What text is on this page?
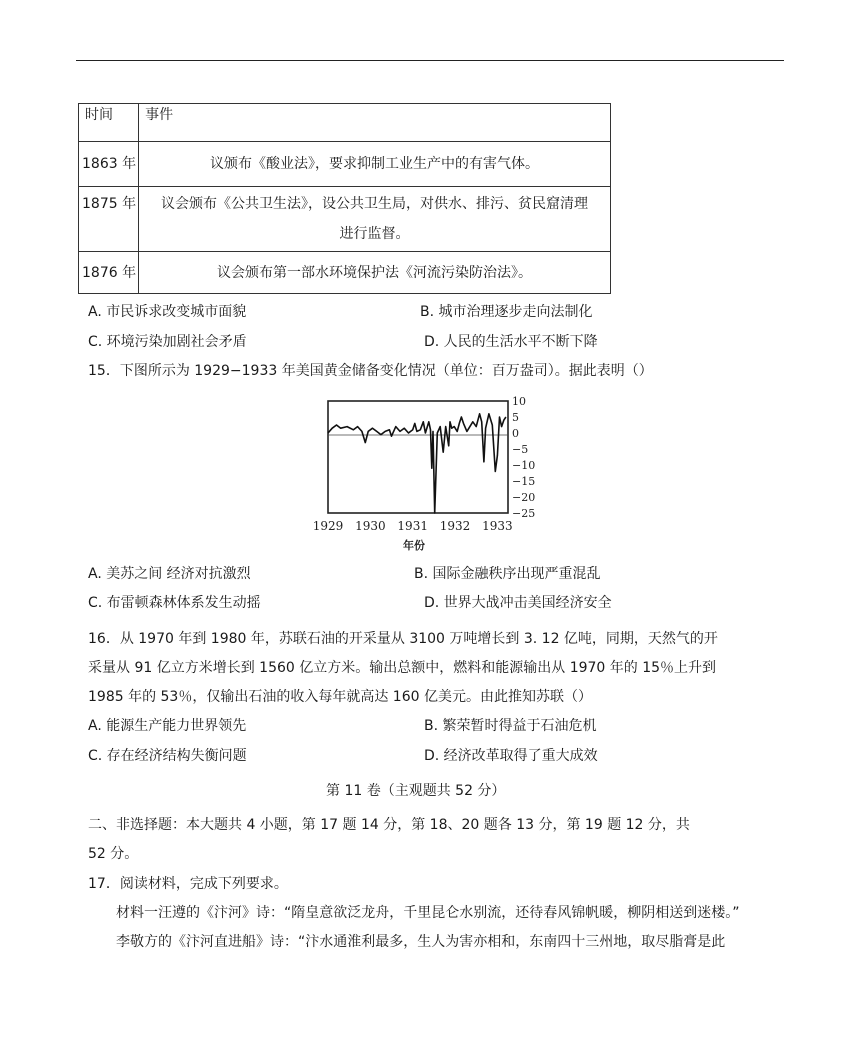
时间	事件
1863 年	议颁布《酸业法》，要求抑制工业生产中的有害气体。
1875 年	议会颁布《公共卫生法》，设公共卫生局，对供水、排污、贫民窟清理
进行监督。
1876 年	议会颁布第一部水环境保护法《河流污染防治法》。
A. 市民诉求改变城市面貌	B. 城市治理逐步走向法制化
C. 环境污染加剧社会矛盾	D. 人民的生活水平不断下降
15．下图所示为 1929−1933 年美国黄金储备变化情况（单位：百万盎司）。据此表明（）
10
5
0
−5
−10
−15
−20
−25
1929 1930 1931 1932 1933
年份
A. 美苏之间 经济对抗激烈	B. 国际金融秩序出现严重混乱
C. 布雷顿森林体系发生动摇	D. 世界大战冲击美国经济安全
16．从 1970 年到 1980 年，苏联石油的开采量从 3100 万吨增长到 3. 12 亿吨，同期，天然气的开
采量从 91 亿立方米增长到 1560 亿立方米。输出总额中，燃料和能源输出从 1970 年的 15％上升到
1985 年的 53％，仅输出石油的收入每年就高达 160 亿美元。由此推知苏联（）
A. 能源生产能力世界领先	B. 繁荣暂时得益于石油危机
C. 存在经济结构失衡问题	D. 经济改革取得了重大成效
第 11 卷（主观题共 52 分）
二、非选择题：本大题共 4 小题，第 17 题 14 分，第 18、20 题各 13 分，第 19 题 12 分，共
52 分。
17．阅读材料，完成下列要求。
材料一汪遵的《汴河》诗：“隋皇意欲泛龙舟，千里昆仑水别流，还待春风锦帆暖，柳阴相送到迷楼。”
李敬方的《汴河直进船》诗：“汴水通淮利最多，生人为害亦相和，东南四十三州地，取尽脂膏是此
